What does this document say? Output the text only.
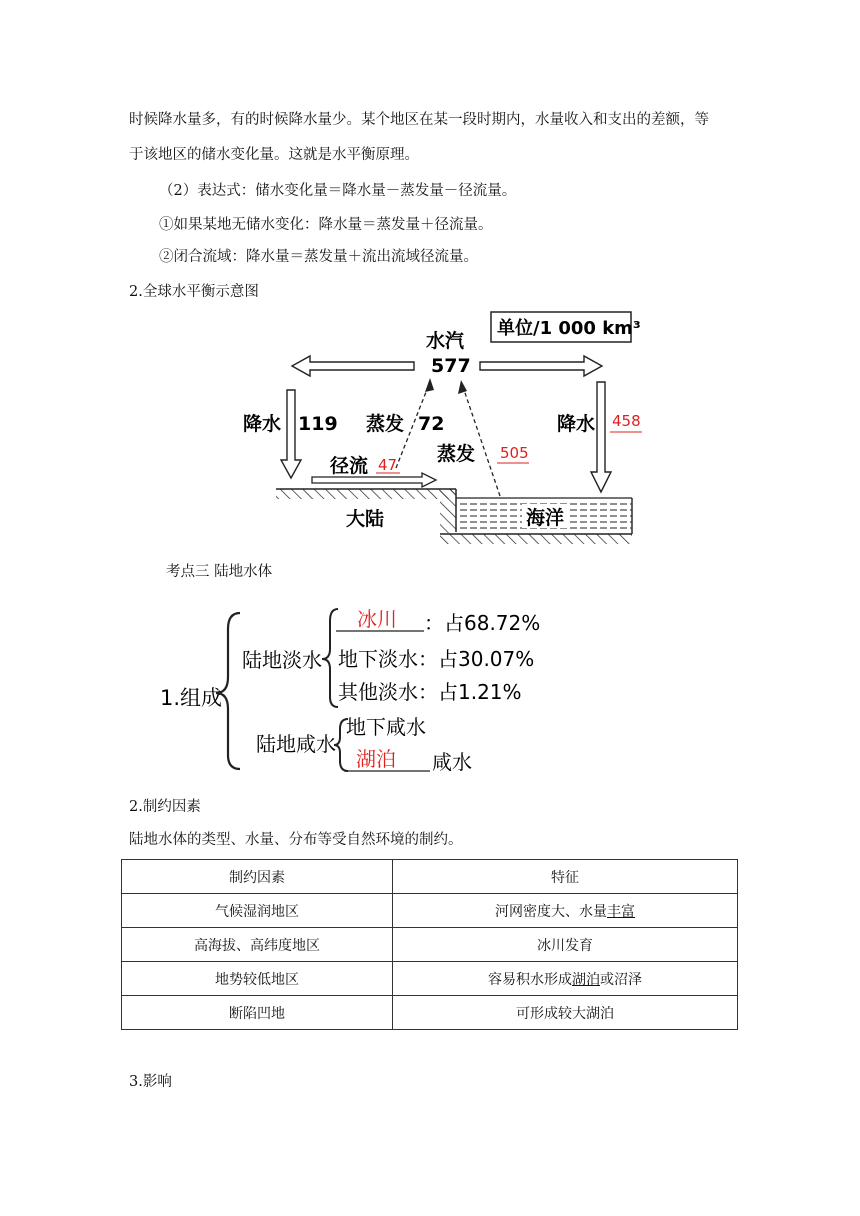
时候降水量多，有的时候降水量少。某个地区在某一段时期内，水量收入和支出的差额，等
于该地区的储水变化量。这就是水平衡原理。
（2）表达式：储水变化量＝降水量－蒸发量－径流量。
①如果某地无储水变化：降水量＝蒸发量＋径流量。
②闭合流域：降水量＝蒸发量＋流出流域径流量。
2.全球水平衡示意图
单位/1 000 km³
水汽
577
降水 119	降水 458
蒸发 72
蒸发 505
径流 47
大陆	海洋
考点三 陆地水体
1.组成
陆地淡水
冰川 ：占68.72%
地下淡水：占30.07%
其他淡水：占1.21%
陆地咸水
地下咸水
湖泊 咸水
2.制约因素
陆地水体的类型、水量、分布等受自然环境的制约。
制约因素	特征
气候湿润地区	河网密度大、水量丰富
高海拔、高纬度地区	冰川发育
地势较低地区	容易积水形成湖泊或沼泽
断陷凹地	可形成较大湖泊
3.影响
